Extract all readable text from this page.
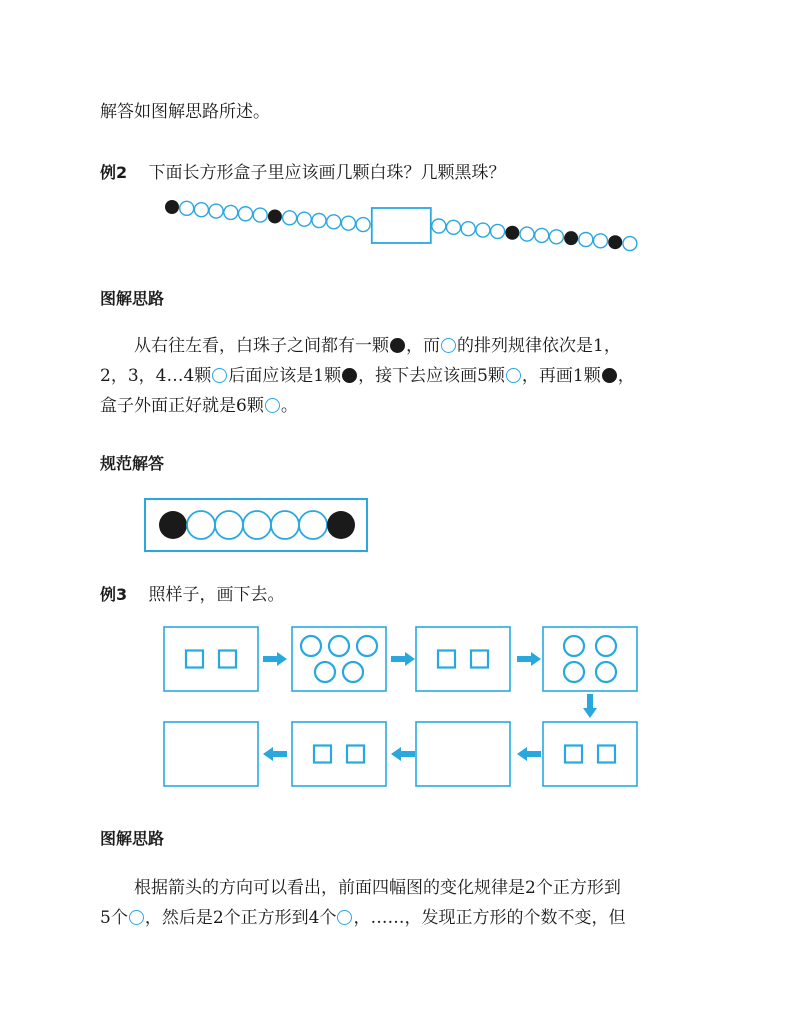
解答如图解思路所述。
例2 下面长方形盒子里应该画几颗白珠？几颗黑珠？
图解思路
从右往左看，白珠子之间都有一颗 ，而 的排列规律依次是1，
2，3，4…4颗 后面应该是1颗 ，接下去应该画5颗 ，再画1颗 ，
盒子外面正好就是6颗 。
规范解答
例3 照样子，画下去。
图解思路
根据箭头的方向可以看出，前面四幅图的变化规律是2个正方形到
5个 ，然后是2个正方形到4个 ，……，发现正方形的个数不变，但
